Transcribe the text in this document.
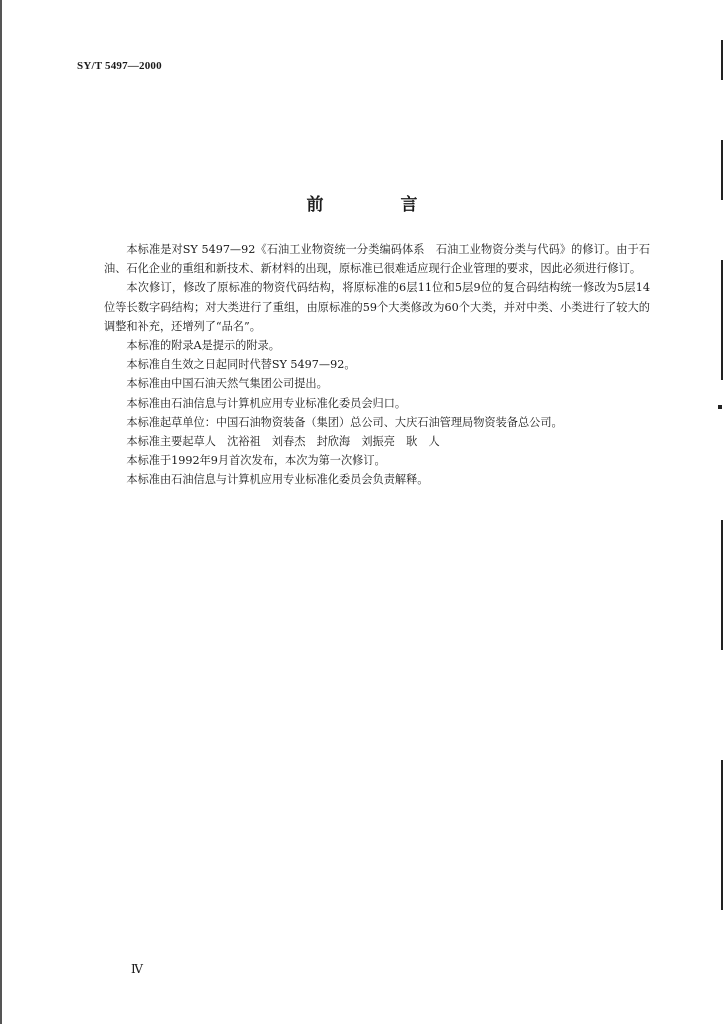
SY/T 5497—2000
前　言

本标准是对SY 5497—92《石油工业物资统一分类编码体系　石油工业物资分类与代码》的修订。由于石油、石化企业的重组和新技术、新材料的出现，原标准已很难适应现行企业管理的要求，因此必须进行修订。

本次修订，修改了原标准的物资代码结构，将原标准的6层11位和5层9位的复合码结构统一修改为5层14位等长数字码结构；对大类进行了重组，由原标准的59个大类修改为60个大类，并对中类、小类进行了较大的调整和补充，还增列了“品名”。

本标准的附录A是提示的附录。

本标准自生效之日起同时代替SY 5497—92。

本标准由中国石油天然气集团公司提出。

本标准由石油信息与计算机应用专业标准化委员会归口。

本标准起草单位：中国石油物资装备（集团）总公司、大庆石油管理局物资装备总公司。

本标准主要起草人　沈裕祖　刘春杰　封欣海　刘振亮　耿　人

本标准于1992年9月首次发布，本次为第一次修订。

本标准由石油信息与计算机应用专业标准化委员会负责解释。

Ⅳ
